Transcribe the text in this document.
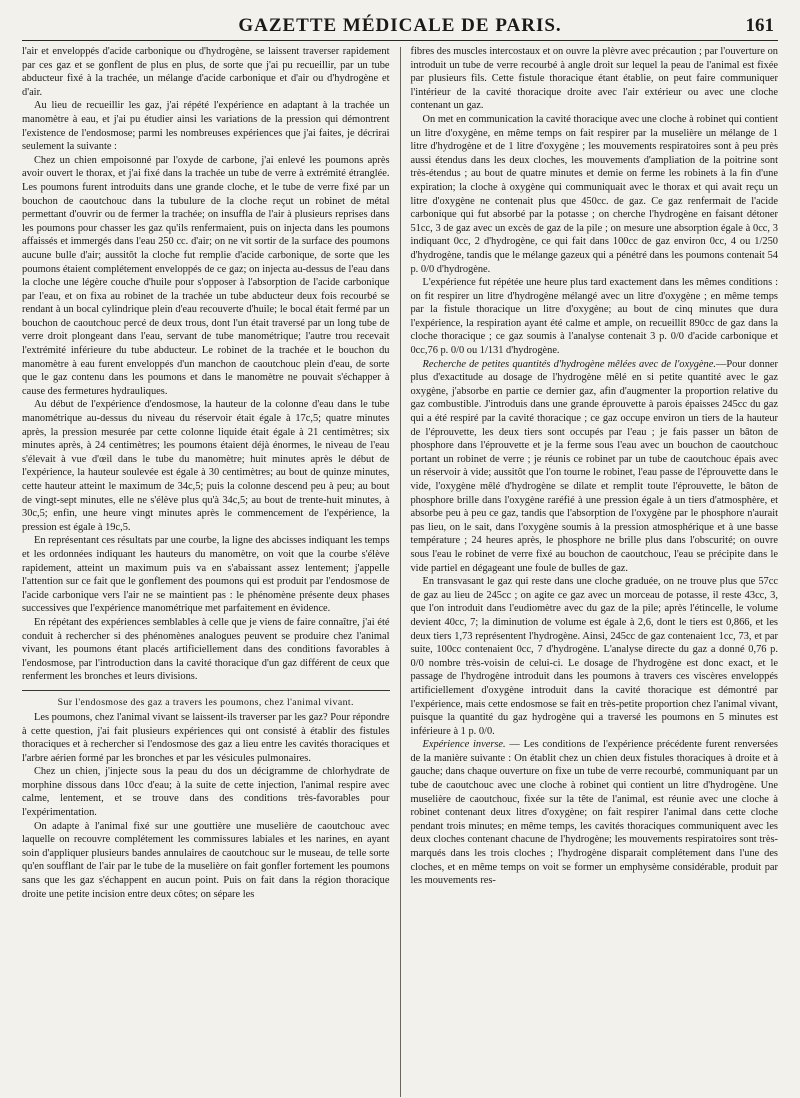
GAZETTE MÉDICALE DE PARIS.	161

l'air et enveloppés d'acide carbonique ou d'hydrogène, se laissent traverser rapidement par ces gaz et se gonflent de plus en plus, de sorte que j'ai pu recueillir, par un tube abducteur fixé à la trachée, un mélange d'acide carbonique et d'air ou d'hydrogène et d'air.

Au lieu de recueillir les gaz, j'ai répété l'expérience en adaptant à la trachée un manomètre à eau, et j'ai pu étudier ainsi les variations de la pression qui démontrent l'existence de l'endosmose; parmi les nombreuses expériences que j'ai faites, je décrirai seulement la suivante :

Chez un chien empoisonné par l'oxyde de carbone, j'ai enlevé les poumons après avoir ouvert le thorax, et j'ai fixé dans la trachée un tube de verre à extrémité étranglée. Les poumons furent introduits dans une grande cloche, et le tube de verre fixé par un bouchon de caoutchouc dans la tubulure de la cloche reçut un robinet de métal permettant d'ouvrir ou de fermer la trachée; on insuffla de l'air à plusieurs reprises dans les poumons pour chasser les gaz qu'ils renfermaient, puis on injecta dans les poumons affaissés et immergés dans l'eau 250 cc. d'air; on ne vit sortir de la surface des poumons aucune bulle d'air; aussitôt la cloche fut remplie d'acide carbonique, de sorte que les poumons étaient complétement enveloppés de ce gaz; on injecta au-dessus de l'eau dans la cloche une légère couche d'huile pour s'opposer à l'absorption de l'acide carbonique par l'eau, et on fixa au robinet de la trachée un tube abducteur deux fois recourbé se rendant à un bocal cylindrique plein d'eau recouverte d'huile; le bocal était fermé par un bouchon de caoutchouc percé de deux trous, dont l'un était traversé par un long tube de verre droit plongeant dans l'eau, servant de tube manométrique; l'autre trou recevait l'extrémité inférieure du tube abducteur. Le robinet de la trachée et le bouchon du manomètre à eau furent enveloppés d'un manchon de caoutchouc plein d'eau, de sorte que le gaz contenu dans les poumons et dans le manomètre ne pouvait s'échapper à cause des fermetures hydrauliques.

Au début de l'expérience d'endosmose, la hauteur de la colonne d'eau dans le tube manométrique au-dessus du niveau du réservoir était égale à 17c,5; quatre minutes après, la pression mesurée par cette colonne liquide était égale à 21 centimètres; six minutes après, à 24 centimètres; les poumons étaient déjà énormes, le niveau de l'eau s'élevait à vue d'œil dans le tube du manomètre; huit minutes après le début de l'expérience, la hauteur soulevée est égale à 30 centimètres; au bout de quinze minutes, cette hauteur atteint le maximum de 34c,5; puis la colonne descend peu à peu; au bout de vingt-sept minutes, elle ne s'élève plus qu'à 34c,5; au bout de trente-huit minutes, à 30c,5; enfin, une heure vingt minutes après le commencement de l'expérience, la pression est égale à 19c,5.

En représentant ces résultats par une courbe, la ligne des abcisses indiquant les temps et les ordonnées indiquant les hauteurs du manomètre, on voit que la courbe s'élève rapidement, atteint un maximum puis va en s'abaissant assez lentement; j'appelle l'attention sur ce fait que le gonflement des poumons qui est produit par l'endosmose de l'acide carbonique vers l'air ne se maintient pas : le phénomène présente deux phases successives que l'expérience manométrique met parfaitement en évidence.

En répétant des expériences semblables à celle que je viens de faire connaître, j'ai été conduit à rechercher si des phénomènes analogues peuvent se produire chez l'animal vivant, les poumons étant placés artificiellement dans des conditions favorables à l'endosmose, par l'introduction dans la cavité thoracique d'un gaz différent de ceux que renferment les bronches et leurs divisions.

Sur l'endosmose des gaz a travers les poumons, chez l'animal vivant.

Les poumons, chez l'animal vivant se laissent-ils traverser par les gaz? Pour répondre à cette question, j'ai fait plusieurs expériences qui ont consisté à établir des fistules thoraciques et à rechercher si l'endosmose des gaz a lieu entre les cavités thoraciques et l'arbre aérien formé par les bronches et par les vésicules pulmonaires.

Chez un chien, j'injecte sous la peau du dos un décigramme de chlorhydrate de morphine dissous dans 10cc d'eau; à la suite de cette injection, l'animal respire avec calme, lentement, et se trouve dans des conditions très-favorables pour l'expérimentation.

On adapte à l'animal fixé sur une gouttière une muselière de caoutchouc avec laquelle on recouvre complétement les commissures labiales et les narines, en ayant soin d'appliquer plusieurs bandes annulaires de caoutchouc sur le museau, de telle sorte qu'en soufflant de l'air par le tube de la muselière on fait gonfler fortement les poumons sans que les gaz s'échappent en aucun point. Puis on fait dans la région thoracique droite une petite incision entre deux côtes; on sépare les

fibres des muscles intercostaux et on ouvre la plèvre avec précaution ; par l'ouverture on introduit un tube de verre recourbé à angle droit sur lequel la peau de l'animal est fixée par plusieurs fils. Cette fistule thoracique étant établie, on peut faire communiquer l'intérieur de la cavité thoracique droite avec l'air extérieur ou avec une cloche contenant un gaz.

On met en communication la cavité thoracique avec une cloche à robinet qui contient un litre d'oxygène, en même temps on fait respirer par la muselière un mélange de 1 litre d'hydrogène et de 1 litre d'oxygène ; les mouvements respiratoires sont à peu près aussi étendus dans les deux cloches, les mouvements d'ampliation de la poitrine sont très-étendus ; au bout de quatre minutes et demie on ferme les robinets à la fin d'une expiration; la cloche à oxygène qui communiquait avec le thorax et qui avait reçu un litre d'oxygène ne contenait plus que 450cc. de gaz. Ce gaz renfermait de l'acide carbonique qui fut absorbé par la potasse ; on cherche l'hydrogène en faisant détoner 51cc, 3 de gaz avec un excès de gaz de la pile ; on mesure une absorption égale à 0cc, 3 indiquant 0cc, 2 d'hydrogène, ce qui fait dans 100cc de gaz environ 0cc, 4 ou 1/250 d'hydrogène, tandis que le mélange gazeux qui a pénétré dans les poumons contenait 54 p. 0/0 d'hydrogène.

L'expérience fut répétée une heure plus tard exactement dans les mêmes conditions : on fit respirer un litre d'hydrogène mélangé avec un litre d'oxygène ; en même temps par la fistule thoracique un litre d'oxygène; au bout de cinq minutes que dura l'expérience, la respiration ayant été calme et ample, on recueillit 890cc de gaz dans la cloche thoracique ; ce gaz soumis à l'analyse contenait 3 p. 0/0 d'acide carbonique et 0cc,76 p. 0/0 ou 1/131 d'hydrogène.

Recherche de petites quantités d'hydrogène mêlées avec de l'oxygène.—Pour donner plus d'exactitude au dosage de l'hydrogène mêlé en si petite quantité avec le gaz oxygène, j'absorbe en partie ce dernier gaz, afin d'augmenter la proportion relative du gaz combustible. J'introduis dans une grande éprouvette à parois épaisses 245cc du gaz qui a été respiré par la cavité thoracique ; ce gaz occupe environ un tiers de la hauteur de l'éprouvette, les deux tiers sont occupés par l'eau ; je fais passer un bâton de phosphore dans l'éprouvette et je la ferme sous l'eau avec un bouchon de caoutchouc portant un robinet de verre ; je réunis ce robinet par un tube de caoutchouc épais avec un réservoir à vide; aussitôt que l'on tourne le robinet, l'eau passe de l'éprouvette dans le vide, l'oxygène mêlé d'hydrogène se dilate et remplit toute l'éprouvette, le bâton de phosphore brille dans l'oxygène raréfié à une pression égale à un tiers d'atmosphère, et absorbe peu à peu ce gaz, tandis que l'absorption de l'oxygène par le phosphore n'aurait pas lieu, on le sait, dans l'oxygène soumis à la pression atmosphérique et à une basse température ; 24 heures après, le phosphore ne brille plus dans l'obscurité; on ouvre sous l'eau le robinet de verre fixé au bouchon de caoutchouc, l'eau se précipite dans le vide partiel en dégageant une foule de bulles de gaz.

En transvasant le gaz qui reste dans une cloche graduée, on ne trouve plus que 57cc de gaz au lieu de 245cc ; on agite ce gaz avec un morceau de potasse, il reste 43cc, 3, que l'on introduit dans l'eudiomètre avec du gaz de la pile; après l'étincelle, le volume devient 40cc, 7; la diminution de volume est égale à 2,6, dont le tiers est 0,866, et les deux tiers 1,73 représentent l'hydrogène. Ainsi, 245cc de gaz contenaient 1cc, 73, et par suite, 100cc contenaient 0cc, 7 d'hydrogène. L'analyse directe du gaz a donné 0,76 p. 0/0 nombre très-voisin de celui-ci. Le dosage de l'hydrogène est donc exact, et le passage de l'hydrogène introduit dans les poumons à travers ces viscères enveloppés artificiellement d'oxygène introduit dans la cavité thoracique est démontré par l'expérience, mais cette endosmose se fait en très-petite proportion chez l'animal vivant, puisque la quantité du gaz hydrogène qui a traversé les poumons en 5 minutes est inférieure à 1 p. 0/0.

Expérience inverse. — Les conditions de l'expérience précédente furent renversées de la manière suivante : On établit chez un chien deux fistules thoraciques à droite et à gauche; dans chaque ouverture on fixe un tube de verre recourbé, communiquant par un tube de caoutchouc avec une cloche à robinet qui contient un litre d'hydrogène. Une muselière de caoutchouc, fixée sur la tête de l'animal, est réunie avec une cloche à robinet contenant deux litres d'oxygène; on fait respirer l'animal dans cette cloche pendant trois minutes; en même temps, les cavités thoraciques communiquent avec les deux cloches contenant chacune de l'hydrogène; les mouvements respiratoires sont très-marqués dans les trois cloches ; l'hydrogène disparait complétement dans l'une des cloches, et en même temps on voit se former un emphysème considérable, produit par les mouvements res-
